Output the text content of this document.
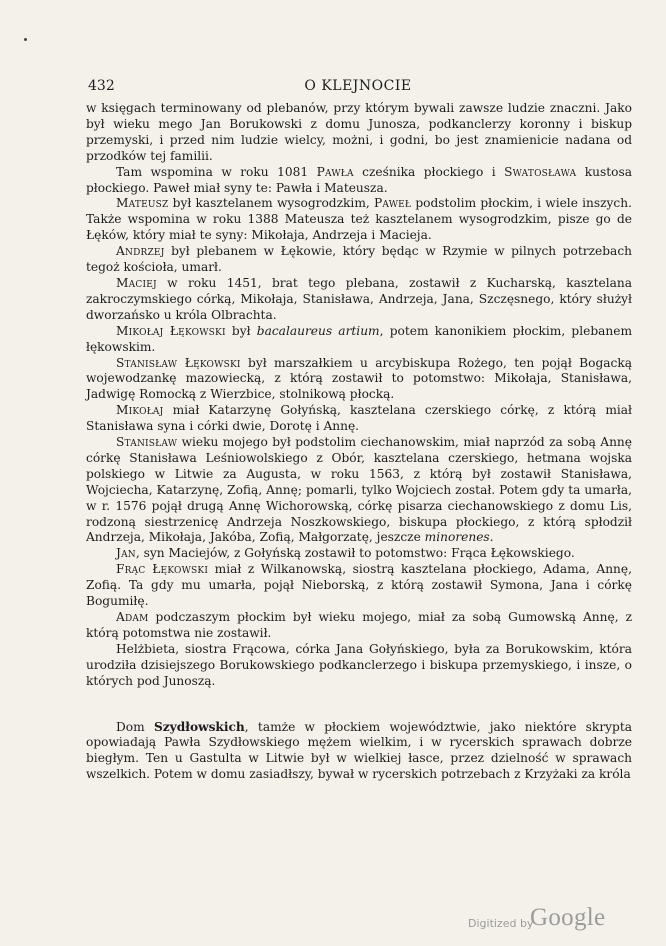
432	O KLEJNOCIE

w księgach terminowany od plebanów, przy którym bywali zawsze ludzie znaczni. Jako był wieku mego Jan Borukowski z domu Junosza, podkanclerzy koronny i biskup przemyski, i przed nim ludzie wielcy, możni, i godni, bo jest znamienicie nadana od przodków tej familii.

Tam wspomina w roku 1081 Pawła cześnika płockiego i Swatosława kustosa płockiego. Paweł miał syny te: Pawła i Mateusza.

Mateusz był kasztelanem wysogrodzkim, Paweł podstolim płockim, i wiele inszych. Także wspomina w roku 1388 Mateusza też kasztelanem wysogrodzkim, pisze go de Łęków, który miał te syny: Mikołaja, Andrzeja i Macieja.

Andrzej był plebanem w Łękowie, który będąc w Rzymie w pilnych potrzebach tegoż kościoła, umarł.

Maciej w roku 1451, brat tego plebana, zostawił z Kucharską, kasztelana zakroczymskiego córką, Mikołaja, Stanisława, Andrzeja, Jana, Szczęsnego, który służył dworzańsko u króla Olbrachta.

Mikołaj Łękowski był bacalaureus artium, potem kanonikiem płockim, plebanem łękowskim.

Stanisław Łękowski był marszałkiem u arcybiskupa Rożego, ten pojął Bogacką wojewodzankę mazowiecką, z którą zostawił to potomstwo: Mikołaja, Stanisława, Jadwigę Romocką z Wierzbice, stolnikową płocką.

Mikołaj miał Katarzynę Gołyńską, kasztelana czerskiego córkę, z którą miał Stanisława syna i córki dwie, Dorotę i Annę.

Stanisław wieku mojego był podstolim ciechanowskim, miał naprzód za sobą Annę córkę Stanisława Leśniowolskiego z Obór, kasztelana czerskiego, hetmana wojska polskiego w Litwie za Augusta, w roku 1563, z którą był zostawił Stanisława, Wojciecha, Katarzynę, Zofią, Annę; pomarli, tylko Wojciech został. Potem gdy ta umarła, w r. 1576 pojął drugą Annę Wichorowską, córkę pisarza ciechanowskiego z domu Lis, rodzoną siestrzenicę Andrzeja Noszkowskiego, biskupa płockiego, z którą spłodził Andrzeja, Mikołaja, Jakóba, Zofią, Małgorzatę, jeszcze minorenes.

Jan, syn Maciejów, z Gołyńską zostawił to potomstwo: Frąca Łękowskiego.

Frąc Łękowski miał z Wilkanowską, siostrą kasztelana płockiego, Adama, Annę, Zofią. Ta gdy mu umarła, pojął Nieborską, z którą zostawił Symona, Jana i córkę Bogumiłę.

Adam podczaszym płockim był wieku mojego, miał za sobą Gumowską Annę, z którą potomstwa nie zostawił.

Helżbieta, siostra Frącowa, córka Jana Gołyńskiego, była za Borukowskim, która urodziła dzisiejszego Borukowskiego podkanclerzego i biskupa przemyskiego, i insze, o których pod Junoszą.

Dom Szydłowskich, tamże w płockiem województwie, jako niektóre skrypta opowiadają Pawła Szydłowskiego mężem wielkim, i w rycerskich sprawach dobrze biegłym. Ten u Gastulta w Litwie był w wielkiej łasce, przez dzielność w sprawach wszelkich. Potem w domu zasiadłszy, bywał w rycerskich potrzebach z Krzyżaki za króla

Digitized by
Google
